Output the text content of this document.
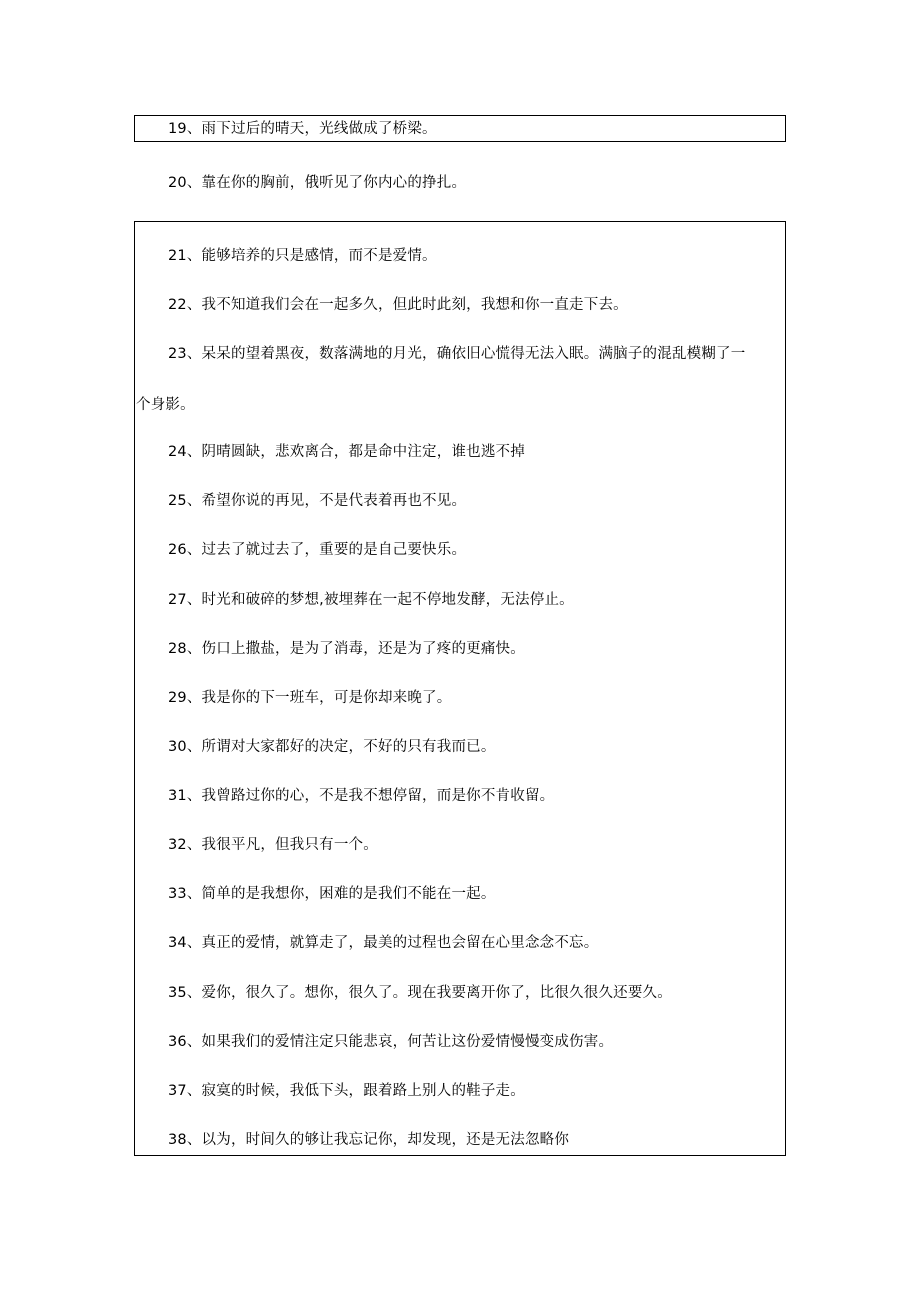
19、雨下过后的晴天，光线做成了桥梁。
20、靠在你的胸前，俄听见了你内心的挣扎。
21、能够培养的只是感情，而不是爱情。
22、我不知道我们会在一起多久，但此时此刻，我想和你一直走下去。
23、呆呆的望着黑夜，数落满地的月光，确依旧心慌得无法入眠。满脑子的混乱模糊了一
个身影。
24、阴晴圆缺，悲欢离合，都是命中注定，谁也逃不掉
25、希望你说的再见，不是代表着再也不见。
26、过去了就过去了，重要的是自己要快乐。
27、时光和破碎的梦想,被埋葬在一起不停地发酵，无法停止。
28、伤口上撒盐，是为了消毒，还是为了疼的更痛快。
29、我是你的下一班车，可是你却来晚了。
30、所谓对大家都好的决定，不好的只有我而已。
31、我曾路过你的心，不是我不想停留，而是你不肯收留。
32、我很平凡，但我只有一个。
33、简单的是我想你，困难的是我们不能在一起。
34、真正的爱情，就算走了，最美的过程也会留在心里念念不忘。
35、爱你，很久了。想你，很久了。现在我要离开你了，比很久很久还要久。
36、如果我们的爱情注定只能悲哀，何苦让这份爱情慢慢变成伤害。
37、寂寞的时候，我低下头，跟着路上别人的鞋子走。
38、以为，时间久的够让我忘记你，却发现，还是无法忽略你
